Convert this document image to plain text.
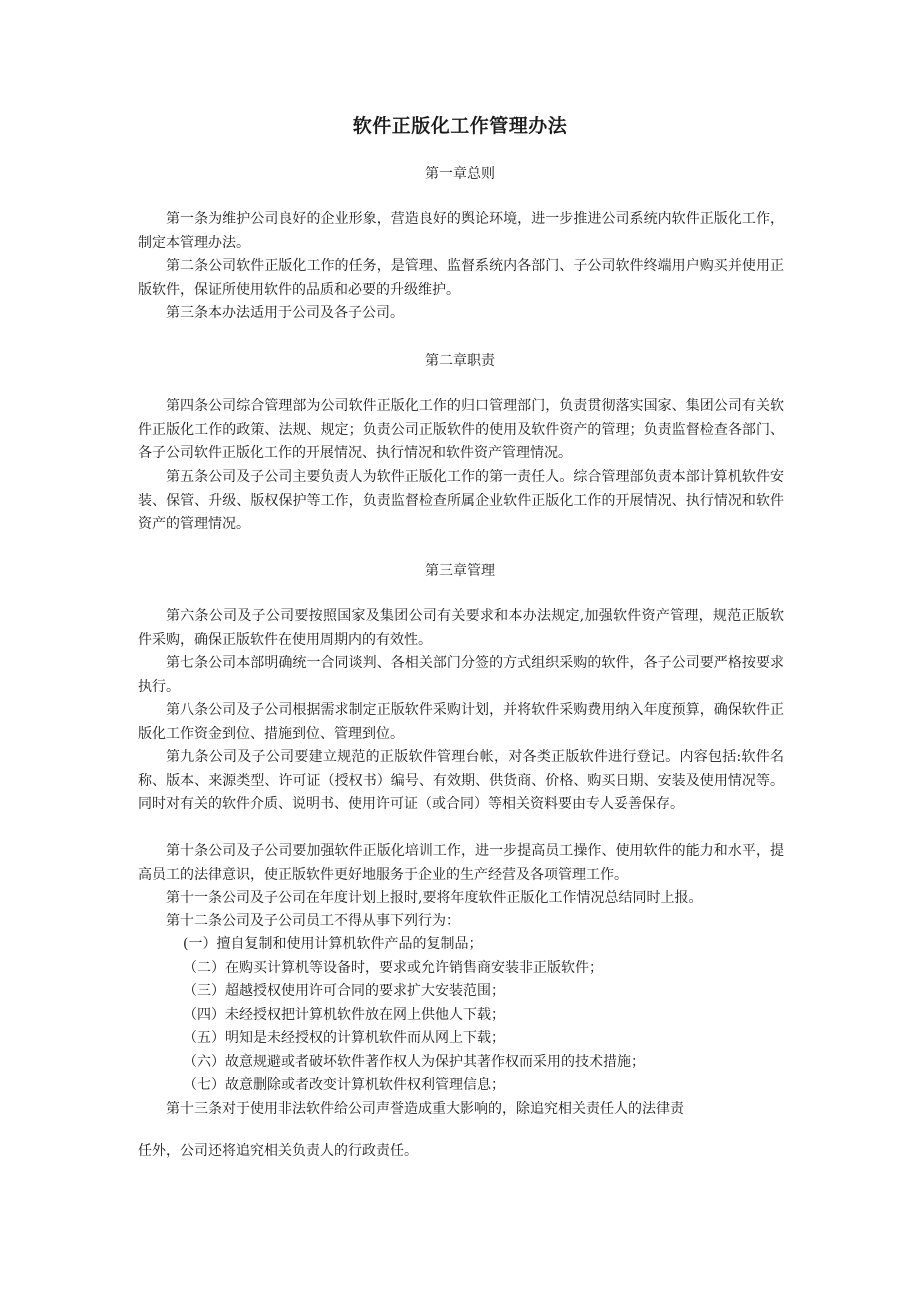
软件正版化工作管理办法
第一章总则

第一条为维护公司良好的企业形象，营造良好的舆论环境，进一步推进公司系统内软件正版化工作，制定本管理办法。

第二条公司软件正版化工作的任务，是管理、监督系统内各部门、子公司软件终端用户购买并使用正版软件，保证所使用软件的品质和必要的升级维护。

第三条本办法适用于公司及各子公司。

第二章职责

第四条公司综合管理部为公司软件正版化工作的归口管理部门，负责贯彻落实国家、集团公司有关软件正版化工作的政策、法规、规定；负责公司正版软件的使用及软件资产的管理；负责监督检查各部门、各子公司软件正版化工作的开展情况、执行情况和软件资产管理情况。

第五条公司及子公司主要负责人为软件正版化工作的第一责任人。综合管理部负责本部计算机软件安装、保管、升级、版权保护等工作，负责监督检查所属企业软件正版化工作的开展情况、执行情况和软件资产的管理情况。

第三章管理

第六条公司及子公司要按照国家及集团公司有关要求和本办法规定,加强软件资产管理，规范正版软件采购，确保正版软件在使用周期内的有效性。

第七条公司本部明确统一合同谈判、各相关部门分签的方式组织采购的软件，各子公司要严格按要求执行。

第八条公司及子公司根据需求制定正版软件采购计划，并将软件采购费用纳入年度预算，确保软件正版化工作资金到位、措施到位、管理到位。

第九条公司及子公司要建立规范的正版软件管理台帐，对各类正版软件进行登记。内容包括:软件名称、版本、来源类型、许可证（授权书）编号、有效期、供货商、价格、购买日期、安装及使用情况等。同时对有关的软件介质、说明书、使用许可证（或合同）等相关资料要由专人妥善保存。

第十条公司及子公司要加强软件正版化培训工作，进一步提高员工操作、使用软件的能力和水平，提高员工的法律意识，使正版软件更好地服务于企业的生产经营及各项管理工作。

第十一条公司及子公司在年度计划上报时,要将年度软件正版化工作情况总结同时上报。

第十二条公司及子公司员工不得从事下列行为：

(一）擅自复制和使用计算机软件产品的复制品；

（二）在购买计算机等设备时，要求或允许销售商安装非正版软件；

（三）超越授权使用许可合同的要求扩大安装范围；

（四）未经授权把计算机软件放在网上供他人下载；

（五）明知是未经授权的计算机软件而从网上下载；

（六）故意规避或者破坏软件著作权人为保护其著作权而采用的技术措施；

（七）故意删除或者改变计算机软件权利管理信息；

第十三条对于使用非法软件给公司声誉造成重大影响的，除追究相关责任人的法律责

任外，公司还将追究相关负责人的行政责任。
